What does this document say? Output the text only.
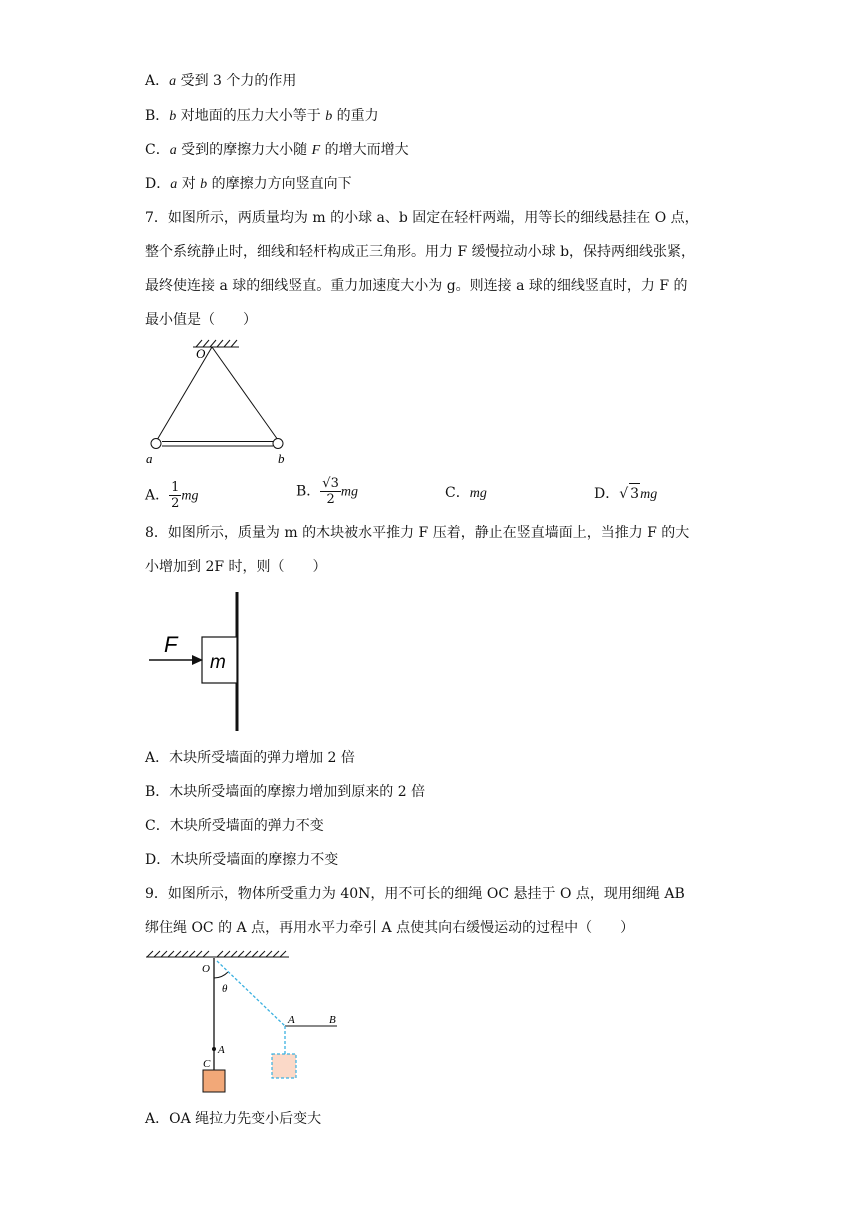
A．a 受到 3 个力的作用
B．b 对地面的压力大小等于 b 的重力
C．a 受到的摩擦力大小随 F 的增大而增大
D．a 对 b 的摩擦力方向竖直向下
7．如图所示，两质量均为 m 的小球 a、b 固定在轻杆两端，用等长的细线悬挂在 O 点，
整个系统静止时，细线和轻杆构成正三角形。用力 F 缓慢拉动小球 b，保持两细线张紧，
最终使连接 a 球的细线竖直。重力加速度大小为 g。则连接 a 球的细线竖直时，力 F 的
最小值是（　　）
O
a	b
A． $\frac{1}{2}$ mg	B． $\frac{√3}{2}$ mg	C．mg	D．√ 3mg
8．如图所示，质量为 m 的木块被水平推力 F 压着，静止在竖直墙面上，当推力 F 的大
小增加到 2F 时，则（　　）
F
m
A．木块所受墙面的弹力增加 2 倍
B．木块所受墙面的摩擦力增加到原来的 2 倍
C．木块所受墙面的弹力不变
D．木块所受墙面的摩擦力不变
9．如图所示，物体所受重力为 40N，用不可长的细绳 OC 悬挂于 O 点，现用细绳 AB
绑住绳 OC 的 A 点，再用水平力牵引 A 点使其向右缓慢运动的过程中（　　）
O
θ
A	B
A
C
A．OA 绳拉力先变小后变大
